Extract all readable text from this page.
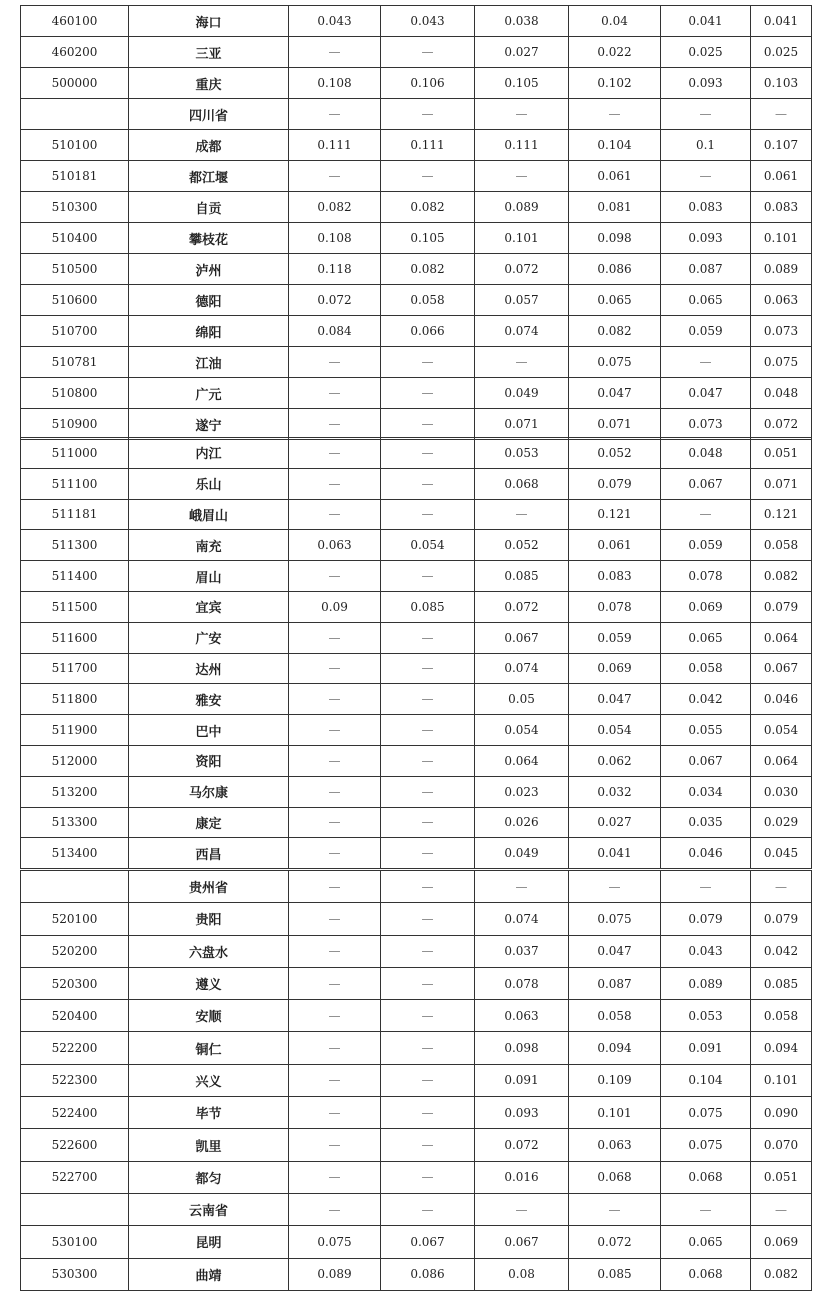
460100	海口	0.043	0.043	0.038	0.04	0.041	0.041
460200	三亚	—	—	0.027	0.022	0.025	0.025
500000	重庆	0.108	0.106	0.105	0.102	0.093	0.103
	四川省	—	—	—	—	—	—
510100	成都	0.111	0.111	0.111	0.104	0.1	0.107
510181	都江堰	—	—	—	0.061	—	0.061
510300	自贡	0.082	0.082	0.089	0.081	0.083	0.083
510400	攀枝花	0.108	0.105	0.101	0.098	0.093	0.101
510500	泸州	0.118	0.082	0.072	0.086	0.087	0.089
510600	德阳	0.072	0.058	0.057	0.065	0.065	0.063
510700	绵阳	0.084	0.066	0.074	0.082	0.059	0.073
510781	江油	—	—	—	0.075	—	0.075
510800	广元	—	—	0.049	0.047	0.047	0.048
510900	遂宁	—	—	0.071	0.071	0.073	0.072
511000	内江	—	—	0.053	0.052	0.048	0.051
511100	乐山	—	—	0.068	0.079	0.067	0.071
511181	峨眉山	—	—	—	0.121	—	0.121
511300	南充	0.063	0.054	0.052	0.061	0.059	0.058
511400	眉山	—	—	0.085	0.083	0.078	0.082
511500	宜宾	0.09	0.085	0.072	0.078	0.069	0.079
511600	广安	—	—	0.067	0.059	0.065	0.064
511700	达州	—	—	0.074	0.069	0.058	0.067
511800	雅安	—	—	0.05	0.047	0.042	0.046
511900	巴中	—	—	0.054	0.054	0.055	0.054
512000	资阳	—	—	0.064	0.062	0.067	0.064
513200	马尔康	—	—	0.023	0.032	0.034	0.030
513300	康定	—	—	0.026	0.027	0.035	0.029
513400	西昌	—	—	0.049	0.041	0.046	0.045
	贵州省	—	—	—	—	—	—
520100	贵阳	—	—	0.074	0.075	0.079	0.079
520200	六盘水	—	—	0.037	0.047	0.043	0.042
520300	遵义	—	—	0.078	0.087	0.089	0.085
520400	安顺	—	—	0.063	0.058	0.053	0.058
522200	铜仁	—	—	0.098	0.094	0.091	0.094
522300	兴义	—	—	0.091	0.109	0.104	0.101
522400	毕节	—	—	0.093	0.101	0.075	0.090
522600	凯里	—	—	0.072	0.063	0.075	0.070
522700	都匀	—	—	0.016	0.068	0.068	0.051
	云南省	—	—	—	—	—	—
530100	昆明	0.075	0.067	0.067	0.072	0.065	0.069
530300	曲靖	0.089	0.086	0.08	0.085	0.068	0.082
